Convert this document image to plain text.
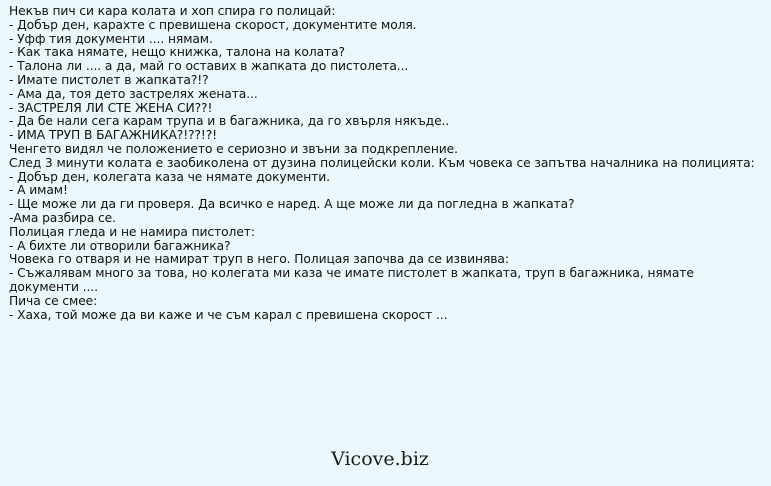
Некъв пич си кара колата и хоп спира го полицай:
- Добър ден, карахте с превишена скорост, документите моля.
- Уфф тия документи .... нямам.
- Как така нямате, нещо книжка, талона на колата?
- Талона ли .... а да, май го оставих в жапката до пистолета...
- Имате пистолет в жапката?!?
- Ама да, тоя дето застрелях жената...
- ЗАСТРЕЛЯ ЛИ СТЕ ЖЕНА СИ??!
- Да бе нали сега карам трупа и в багажника, да го хвърля някъде..
- ИМА ТРУП В БАГАЖНИКА?!??!?!
Ченгето видял че положението е сериозно и звъни за подкрепление.
След 3 минути колата е заобиколена от дузина полицейски коли. Към човека се запътва началника на полицията:
- Добър ден, колегата каза че нямате документи.
- А имам!
- Ще може ли да ги проверя. Да всичко е наред. А ще може ли да погледна в жапката?
-Ама разбира се.
Полицая гледа и не намира пистолет:
- А бихте ли отворили багажника?
Човека го отваря и не намират труп в него. Полицая започва да се извинява:
- Съжалявам много за това, но колегата ми каза че имате пистолет в жапката, труп в багажника, нямате документи ....
Пича се смее:
- Хаха, той може да ви каже и че съм карал с превишена скорост ...
Vicove.biz
